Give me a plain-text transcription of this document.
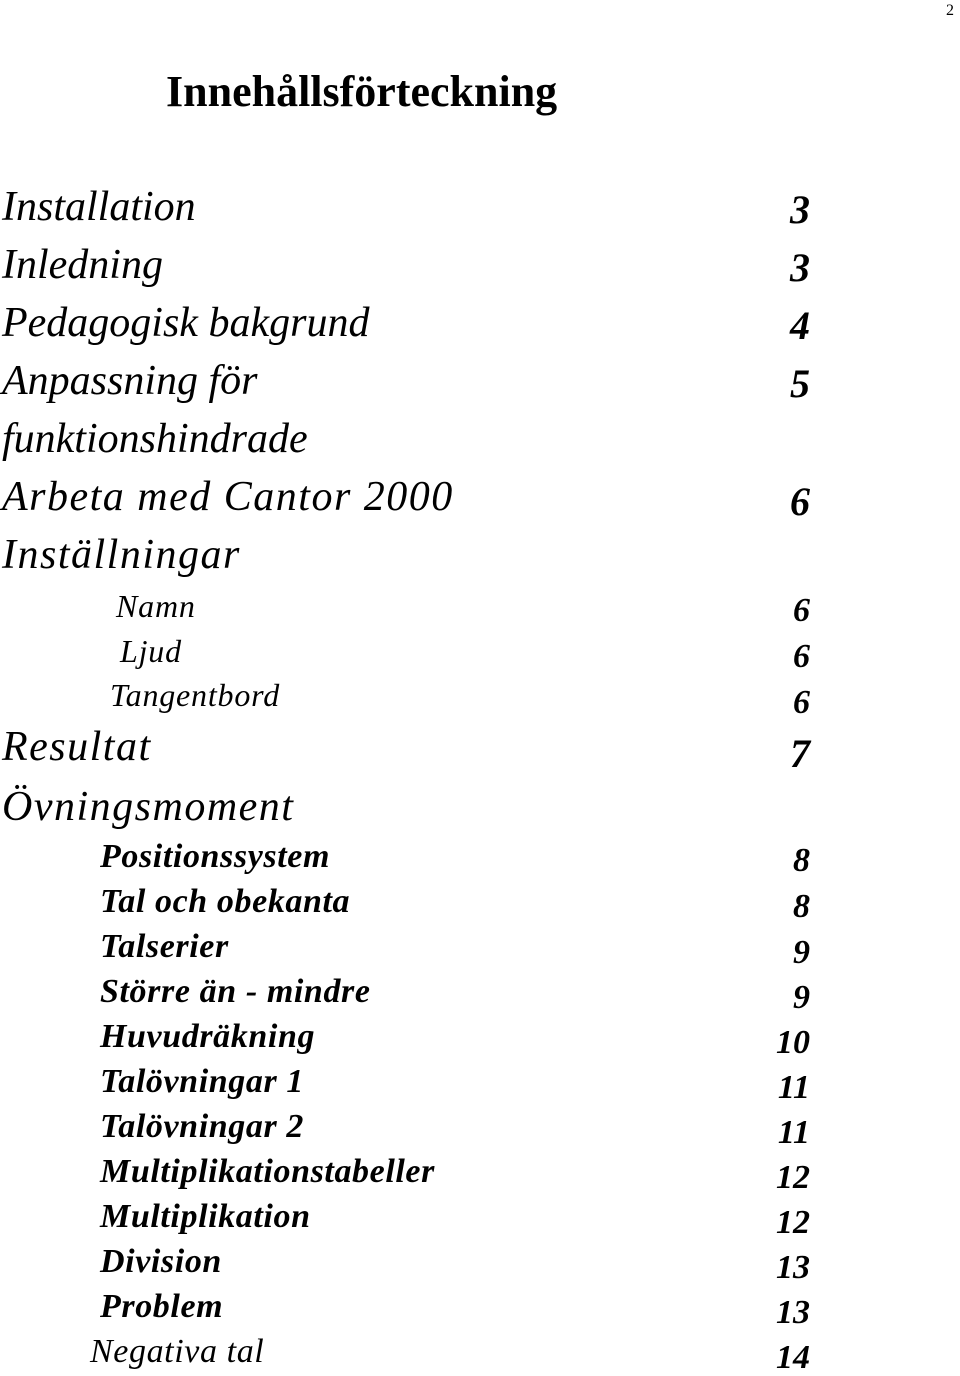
2
Innehållsförteckning
Installation	3
Inledning	3
Pedagogisk bakgrund	4
Anpassning för	5
funktionshindrade
Arbeta med Cantor 2000	6
Inställningar
Namn	6
Ljud	6
Tangentbord	6
Resultat	7
Övningsmoment
Positionssystem	8
Tal och obekanta	8
Talserier	9
Större än - mindre	9
Huvudräkning	10
Talövningar 1	11
Talövningar 2	11
Multiplikationstabeller	12
Multiplikation	12
Division	13
Problem	13
Negativa tal	14
